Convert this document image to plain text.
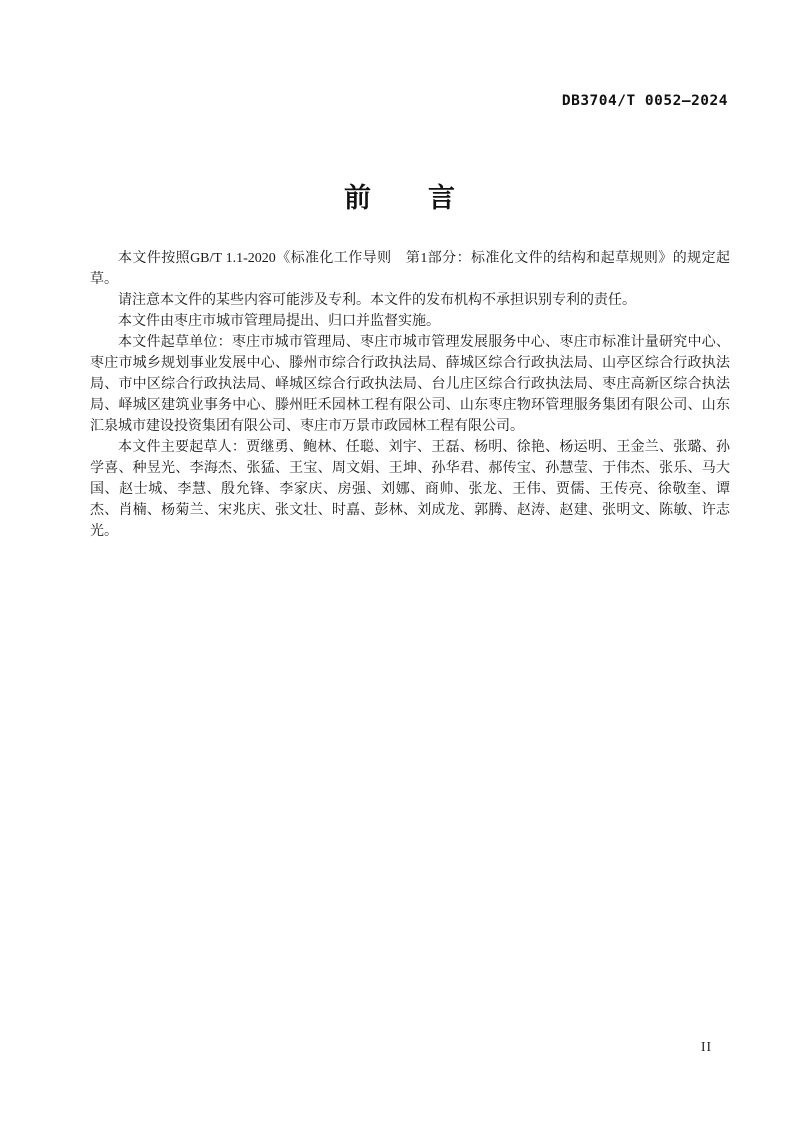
DB3704/T 0052—2024
前　　言

本文件按照GB/T 1.1-2020《标准化工作导则　第1部分：标准化文件的结构和起草规则》的规定起草。

请注意本文件的某些内容可能涉及专利。本文件的发布机构不承担识别专利的责任。

本文件由枣庄市城市管理局提出、归口并监督实施。

本文件起草单位：枣庄市城市管理局、枣庄市城市管理发展服务中心、枣庄市标准计量研究中心、枣庄市城乡规划事业发展中心、滕州市综合行政执法局、薛城区综合行政执法局、山亭区综合行政执法局、市中区综合行政执法局、峄城区综合行政执法局、台儿庄区综合行政执法局、枣庄高新区综合执法局、峄城区建筑业事务中心、滕州旺禾园林工程有限公司、山东枣庄物环管理服务集团有限公司、山东汇泉城市建设投资集团有限公司、枣庄市万景市政园林工程有限公司。

本文件主要起草人：贾继勇、鲍林、任聪、刘宇、王磊、杨明、徐艳、杨运明、王金兰、张璐、孙学喜、种昱光、李海杰、张猛、王宝、周文娟、王坤、孙华君、郝传宝、孙慧莹、于伟杰、张乐、马大国、赵士城、李慧、殷允锋、李家庆、房强、刘娜、商帅、张龙、王伟、贾儒、王传亮、徐敬奎、谭杰、肖楠、杨菊兰、宋兆庆、张文壮、时嚞、彭林、刘成龙、郭腾、赵涛、赵建、张明文、陈敏、许志光。

II
